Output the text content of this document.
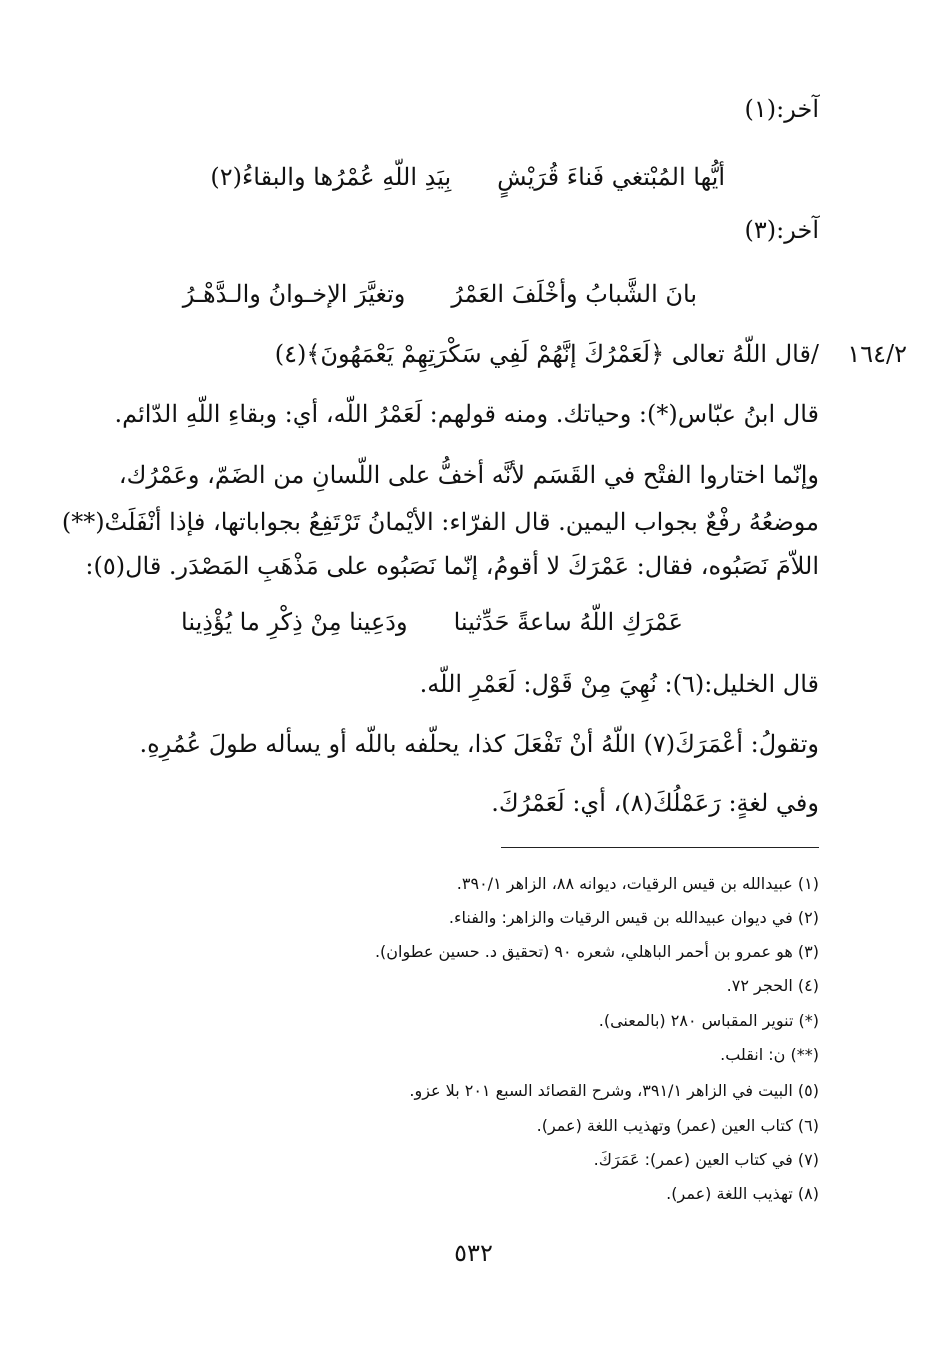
آخر:(١)
أيُّها المُبْتغي فَناءَ قُرَيْشٍبِيَدِ اللّهِ عُمْرُها والبقاءُ(٢)
آخر:(٣)
بانَ الشَّبابُ وأخْلَفَ العَمْرُوتغيَّرَ الإخـوانُ والـدَّهْـرُ
١٦٤/٢
/قال اللّهُ تعالى ﴿لَعَمْرُكَ إنَّهُمْ لَفِي سَكْرَتِهِمْ يَعْمَهُونَ﴾(٤)
قال ابنُ عبّاس(*): وحياتك. ومنه قولهم: لَعَمْرُ اللّه، أي: وبقاءِ اللّهِ الدّائم.
وإنّما اختاروا الفتْح في القَسَم لأنَّه أخفُّ على اللّسانِ من الضَمّ، وعَمْرُك،
موضعُهُ رفْعٌ بجواب اليمين. قال الفرّاء: الأيْمانُ تَرْتَفِعُ بجواباتها، فإذا أنْفَلَتْ(**)
اللاّمَ نَصَبُوه، فقال: عَمْرَكَ لا أقومُ، إنّما نَصَبُوه على مَذْهَبِ المَصْدَر. قال(٥):
عَمْرَكِ اللّهُ ساعةً حَدِّثيناودَعِينا مِنْ ذِكْرِ ما يُؤْذِينا
قال الخليل:(٦): نُهِيَ مِنْ قَوْل: لَعَمْرِ اللّه.
وتقولُ: أعْمَرَكَ(٧) اللّهُ أنْ تَفْعَلَ كذا، يحلّفه باللّه أو يسأله طولَ عُمُرِهِ.
وفي لغةٍ: رَعَمْلُكَ(٨)، أي: لَعَمْرُكَ.
(١) عبيدالله بن قيس الرقيات، ديوانه ٨٨، الزاهر ٣٩٠/١.
(٢) في ديوان عبيدالله بن قيس الرقيات والزاهر: والفناء.
(٣) هو عمرو بن أحمر الباهلي، شعره ٩٠ (تحقيق د. حسين عطوان).
(٤) الحجر ٧٢.
(*) تنوير المقباس ٢٨٠ (بالمعنى).
(**) ن: انقلب.
(٥) البيت في الزاهر ٣٩١/١، وشرح القصائد السبع ٢٠١ بلا عزو.
(٦) كتاب العين (عمر) وتهذيب اللغة (عمر).
(٧) في كتاب العين (عمر): عَمَرَكَ.
(٨) تهذيب اللغة (عمر).
٥٣٢
